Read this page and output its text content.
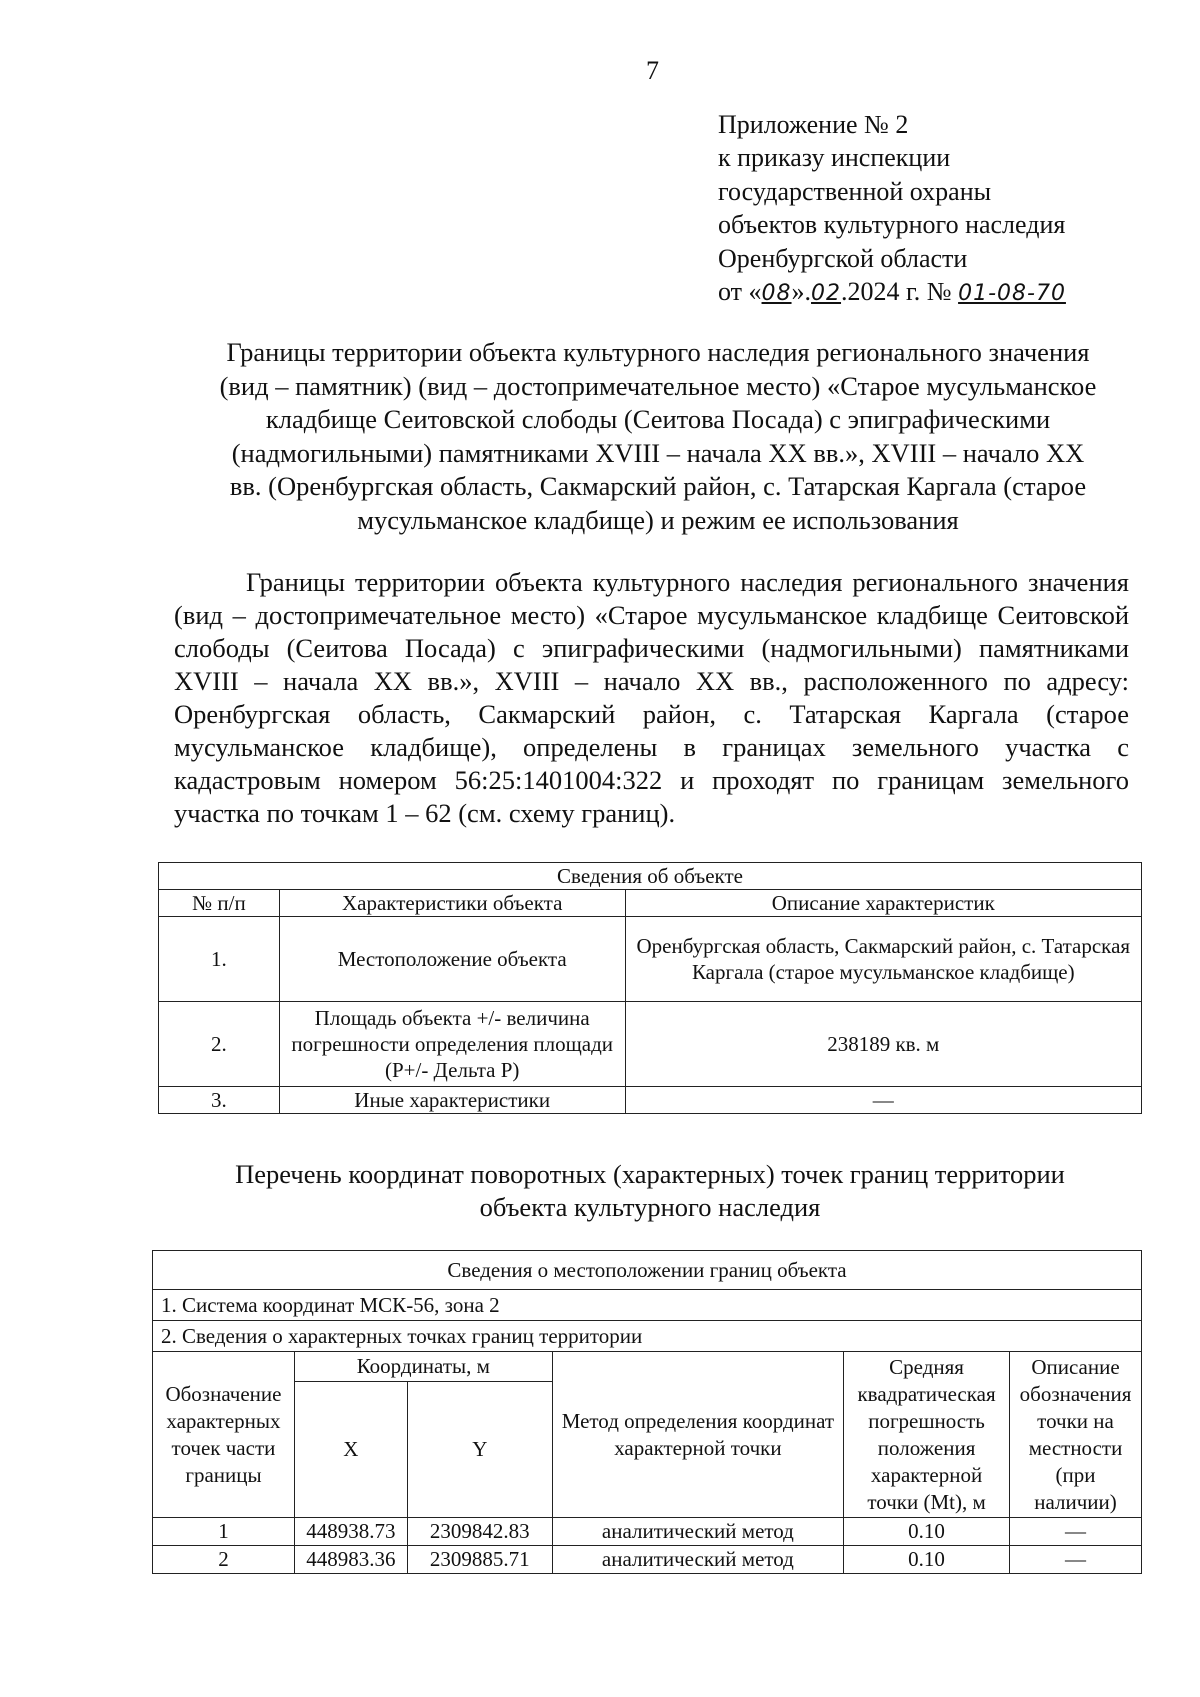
7
Приложение № 2
к приказу инспекции
государственной охраны
объектов культурного наследия
Оренбургской области
от «08».02.2024 г. № 01-08-70
Границы территории объекта культурного наследия регионального значения
(вид – памятник) (вид – достопримечательное место) «Старое мусульманское
кладбище Сеитовской слободы (Сеитова Посада) с эпиграфическими
(надмогильными) памятниками XVIII – начала XX вв.», XVIII – начало XX
вв. (Оренбургская область, Сакмарский район, с. Татарская Каргала (старое
мусульманское кладбище) и режим ее использования
Границы территории объекта культурного наследия регионального значения (вид – достопримечательное место) «Старое мусульманское кладбище Сеитовской слободы (Сеитова Посада) с эпиграфическими (надмогильными) памятниками XVIII – начала XX вв.», XVIII – начало XX вв., расположенного по адресу: Оренбургская область, Сакмарский район, с. Татарская Каргала (старое мусульманское кладбище), определены в границах земельного участка с кадастровым номером 56:25:1401004:322 и проходят по границам земельного участка по точкам 1 – 62 (см. схему границ).
Сведения об объекте		
№ п/п	Характеристики объекта	Описание характеристик
1.	Местоположение объекта	Оренбургская область, Сакмарский район, с. Татарская Каргала (старое мусульманское кладбище)
2.	Площадь объекта +/- величина погрешности определения площади (Р+/- Дельта Р)	238189 кв. м
3.	Иные характеристики	—
Перечень координат поворотных (характерных) точек границ территории
объекта культурного наследия
Сведения о местоположении границ объекта					
1. Система координат МСК-56, зона 2					
2. Сведения о характерных точках границ территории					
Обозначение характерных точек части границы	Координаты, м		Метод определения координат характерной точки	Средняя квадратическая погрешность положения характерной точки (Mt), м	Описание обозначения точки на местности (при наличии)
	X	Y			
1	448938.73	2309842.83	аналитический метод	0.10	—
2	448983.36	2309885.71	аналитический метод	0.10	—
